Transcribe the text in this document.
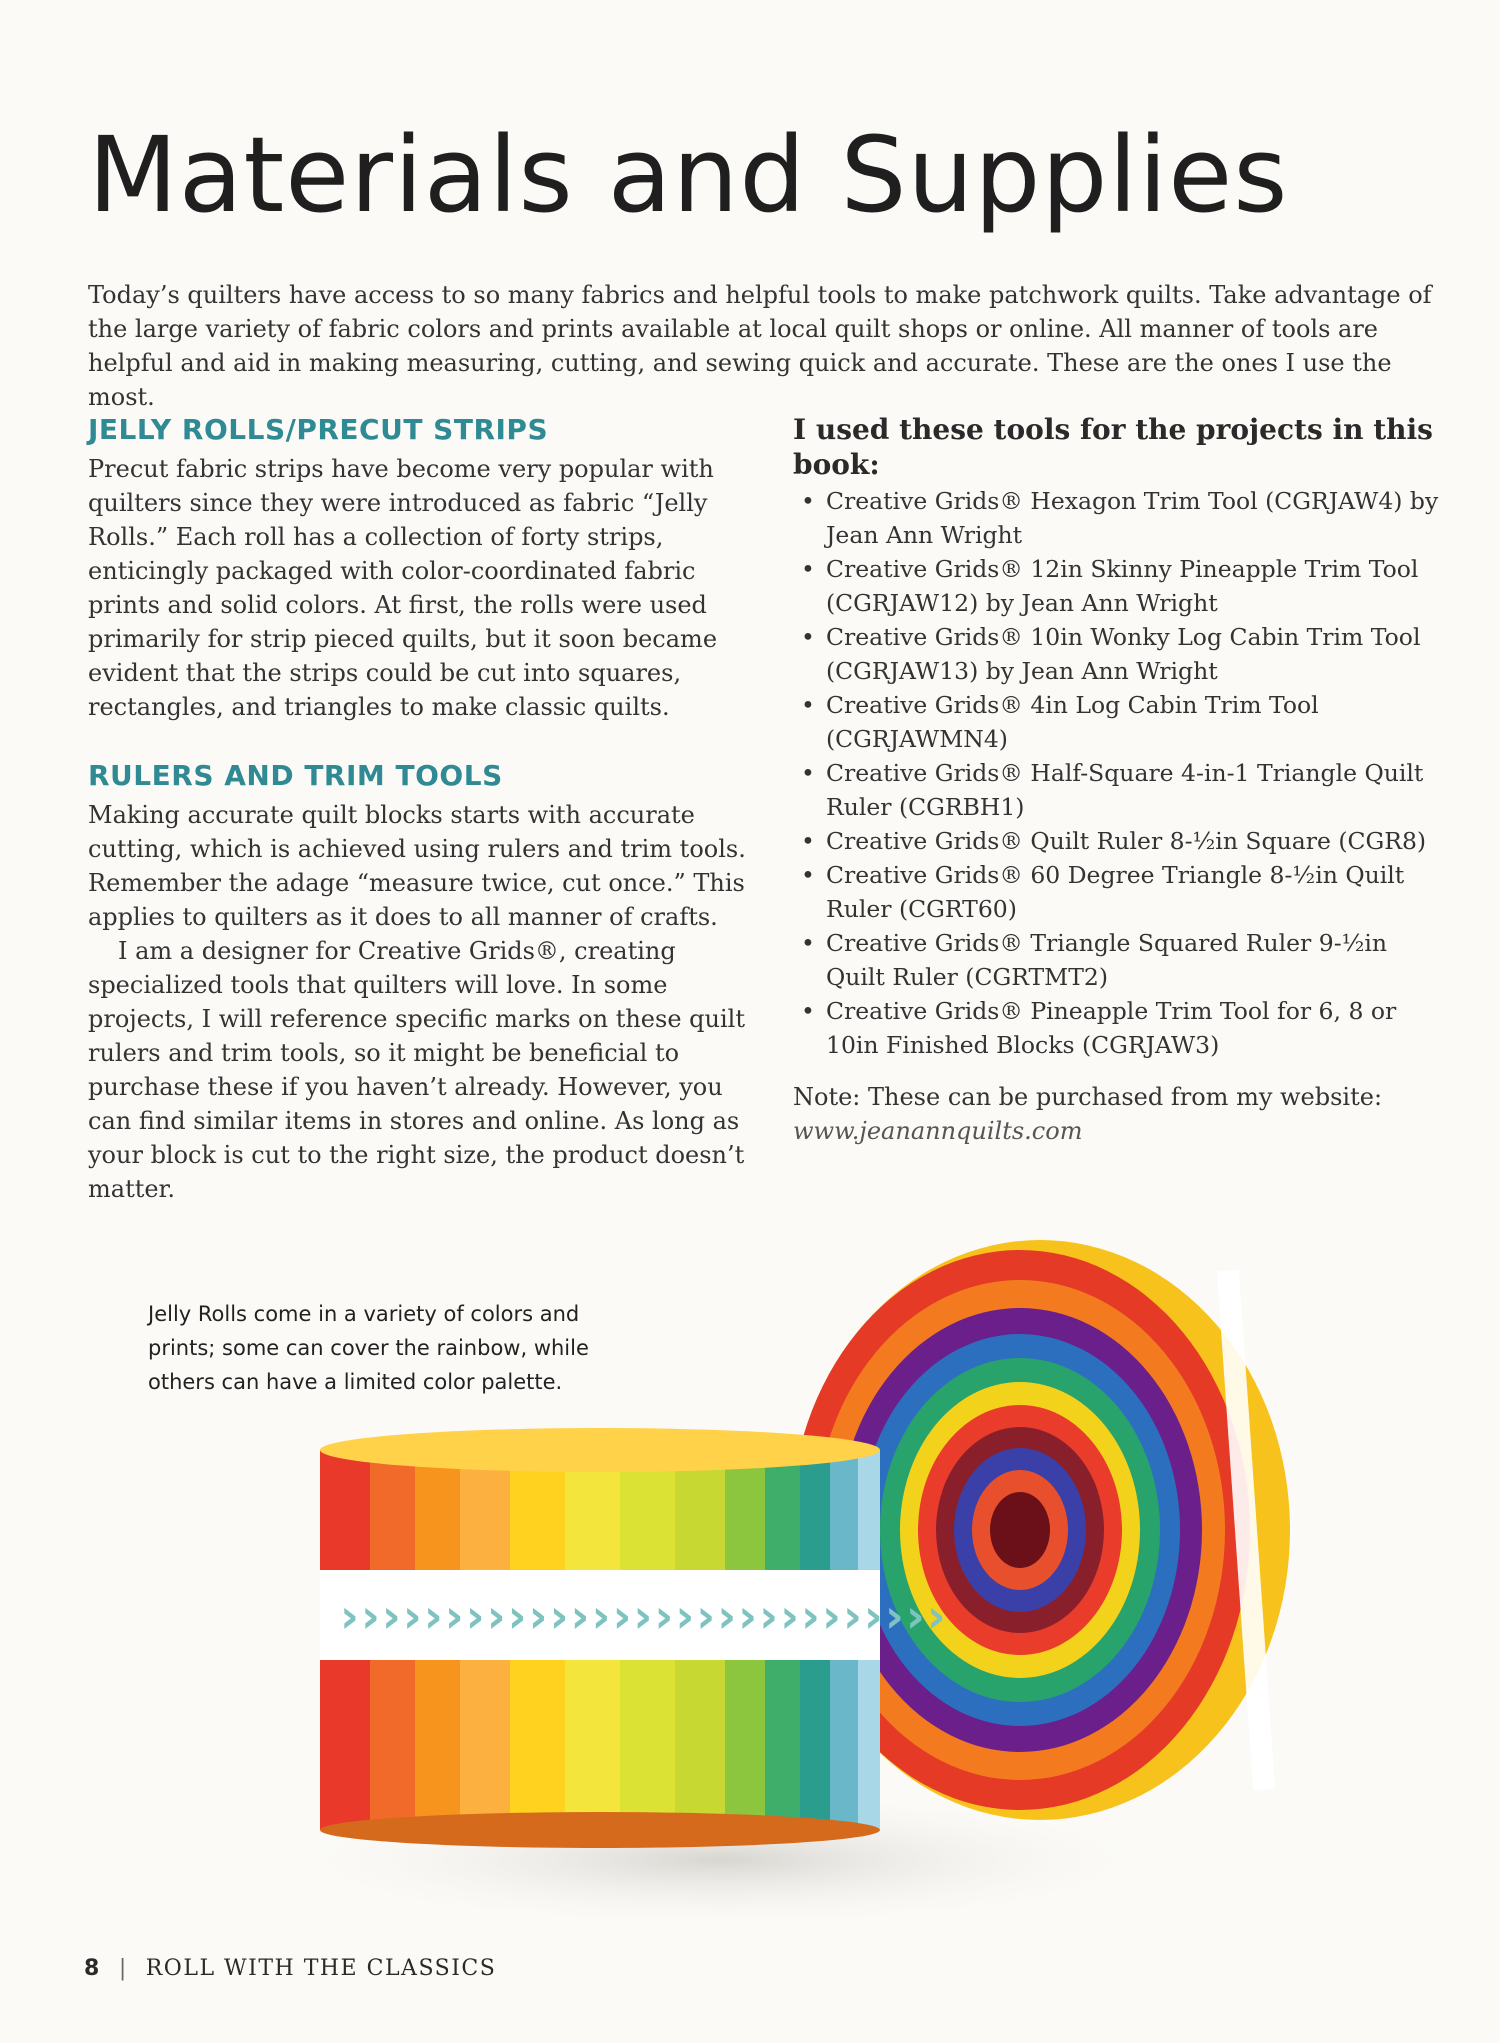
Materials and Supplies

Today’s quilters have access to so many fabrics and helpful tools to make patchwork quilts. Take advantage of the large variety of fabric colors and prints available at local quilt shops or online. All manner of tools are helpful and aid in making measuring, cutting, and sewing quick and accurate. These are the ones I use the most.

JELLY ROLLS/PRECUT STRIPS

Precut fabric strips have become very popular with quilters since they were introduced as fabric “Jelly Rolls.” Each roll has a collection of forty strips, enticingly packaged with color-coordinated fabric prints and solid colors. At first, the rolls were used primarily for strip pieced quilts, but it soon became evident that the strips could be cut into squares, rectangles, and triangles to make classic quilts.

RULERS AND TRIM TOOLS

Making accurate quilt blocks starts with accurate cutting, which is achieved using rulers and trim tools. Remember the adage “measure twice, cut once.” This applies to quilters as it does to all manner of crafts.

I am a designer for Creative Grids®, creating specialized tools that quilters will love. In some projects, I will reference specific marks on these quilt rulers and trim tools, so it might be beneficial to purchase these if you haven’t already. However, you can find similar items in stores and online. As long as your block is cut to the right size, the product doesn’t matter.

I used these tools for the projects in this book:
• Creative Grids® Hexagon Trim Tool (CGRJAW4) by Jean Ann Wright
• Creative Grids® 12in Skinny Pineapple Trim Tool (CGRJAW12) by Jean Ann Wright
• Creative Grids® 10in Wonky Log Cabin Trim Tool (CGRJAW13) by Jean Ann Wright
• Creative Grids® 4in Log Cabin Trim Tool (CGRJAWMN4)
• Creative Grids® Half-Square 4-in-1 Triangle Quilt Ruler (CGRBH1)
• Creative Grids® Quilt Ruler 8-½in Square (CGR8)
• Creative Grids® 60 Degree Triangle 8-½in Quilt Ruler (CGRT60)
• Creative Grids® Triangle Squared Ruler 9-½in Quilt Ruler (CGRTMT2)
• Creative Grids® Pineapple Trim Tool for 6, 8 or 10in Finished Blocks (CGRJAW3)

Note: These can be purchased from my website:
www.jeanannquilts.com

Jelly Rolls come in a variety of colors and prints; some can cover the rainbow, while others can have a limited color palette.

›››››››››››››››››››››››››››››
8 | ROLL WITH THE CLASSICS
